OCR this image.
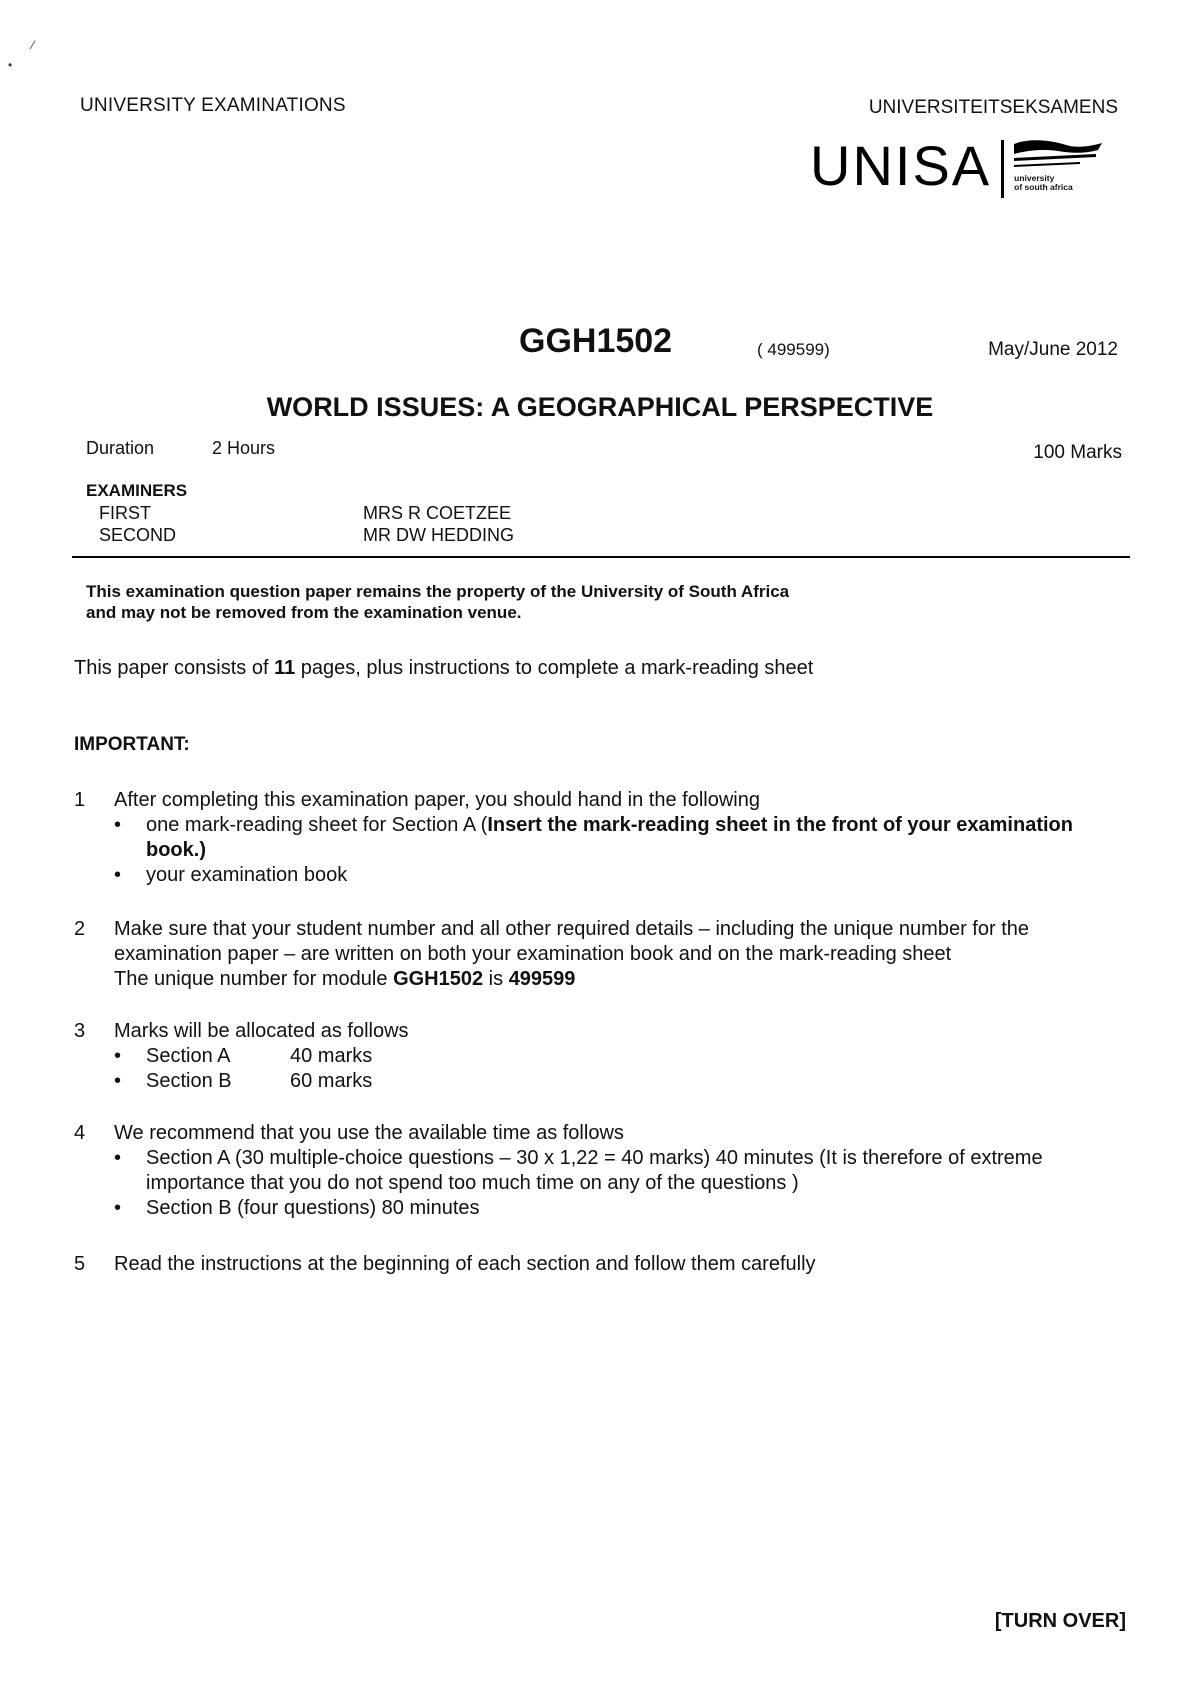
⁄
•
UNIVERSITY EXAMINATIONS	UNIVERSITEITSEKSAMENS
UNISA	university
of south africa
GGH1502	( 499599)	May/June 2012
WORLD ISSUES: A GEOGRAPHICAL PERSPECTIVE
Duration	2 Hours	100 Marks
EXAMINERS
FIRST	MRS R COETZEE
SECOND	MR DW HEDDING
This examination question paper remains the property of the University of South Africa
and may not be removed from the examination venue.
This paper consists of 11 pages, plus instructions to complete a mark-reading sheet
IMPORTANT:
1 After completing this examination paper, you should hand in the following
• one mark-reading sheet for Section A (Insert the mark-reading sheet in the front of your examination book.)
• your examination book
2 Make sure that your student number and all other required details – including the unique number for the examination paper – are written on both your examination book and on the mark-reading sheet
The unique number for module GGH1502 is 499599
3 Marks will be allocated as follows
• Section A	40 marks
• Section B	60 marks
4 We recommend that you use the available time as follows
• Section A (30 multiple-choice questions – 30 x 1,22 = 40 marks) 40 minutes (It is therefore of extreme importance that you do not spend too much time on any of the questions )
• Section B (four questions) 80 minutes
5 Read the instructions at the beginning of each section and follow them carefully
[TURN OVER]
